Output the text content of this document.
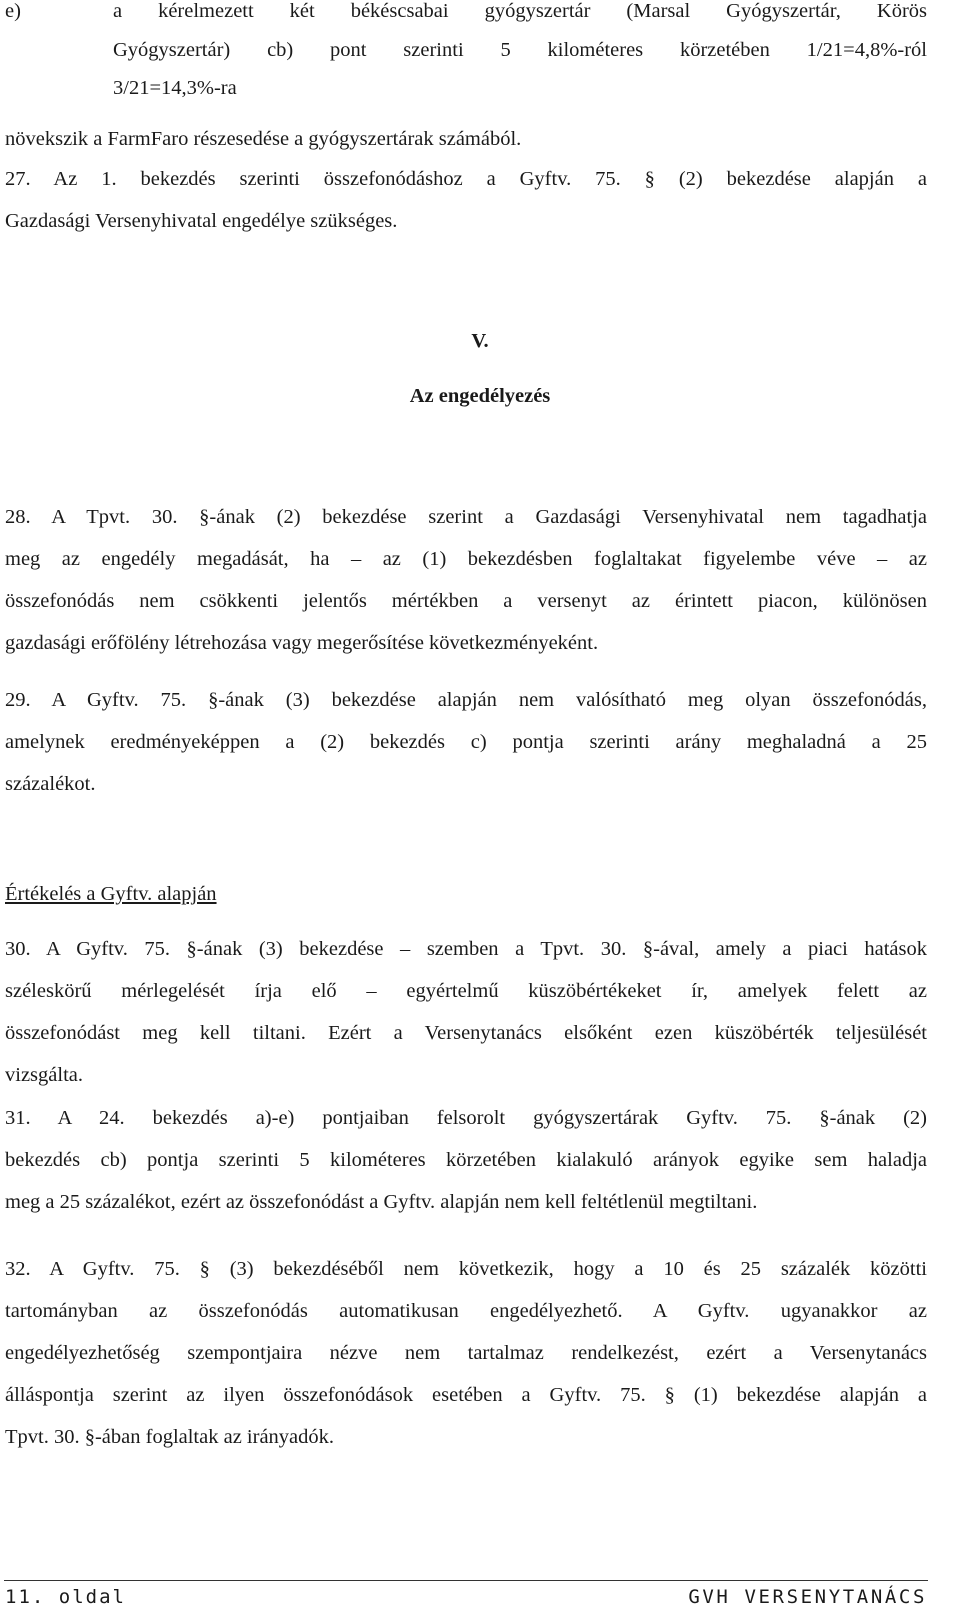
e)	a kérelmezett két békéscsabai gyógyszertár (Marsal Gyógyszertár, Körös
Gyógyszertár) cb) pont szerinti 5 kilométeres körzetében 1/21=4,8%-ról
3/21=14,3%-ra
növekszik a FarmFaro részesedése a gyógyszertárak számából.
27. Az 1. bekezdés szerinti összefonódáshoz a Gyftv. 75. § (2) bekezdése alapján a
Gazdasági Versenyhivatal engedélye szükséges.
V.
Az engedélyezés
28. A Tpvt. 30. §-ának (2) bekezdése szerint a Gazdasági Versenyhivatal nem tagadhatja
meg az engedély megadását, ha – az (1) bekezdésben foglaltakat figyelembe véve – az
összefonódás nem csökkenti jelentős mértékben a versenyt az érintett piacon, különösen
gazdasági erőfölény létrehozása vagy megerősítése következményeként.
29. A Gyftv. 75. §-ának (3) bekezdése alapján nem valósítható meg olyan összefonódás,
amelynek eredményeképpen a (2) bekezdés c) pontja szerinti arány meghaladná a 25
százalékot.
Értékelés a Gyftv. alapján
30. A Gyftv. 75. §-ának (3) bekezdése – szemben a Tpvt. 30. §-ával, amely a piaci hatások
széleskörű mérlegelését írja elő – egyértelmű küszöbértékeket ír, amelyek felett az
összefonódást meg kell tiltani. Ezért a Versenytanács elsőként ezen küszöbérték teljesülését
vizsgálta.
31. A 24. bekezdés a)-e) pontjaiban felsorolt gyógyszertárak Gyftv. 75. §-ának (2)
bekezdés cb) pontja szerinti 5 kilométeres körzetében kialakuló arányok egyike sem haladja
meg a 25 százalékot, ezért az összefonódást a Gyftv. alapján nem kell feltétlenül megtiltani.
32. A Gyftv. 75. § (3) bekezdéséből nem következik, hogy a 10 és 25 százalék közötti
tartományban az összefonódás automatikusan engedélyezhető. A Gyftv. ugyanakkor az
engedélyezhetőség szempontjaira nézve nem tartalmaz rendelkezést, ezért a Versenytanács
álláspontja szerint az ilyen összefonódások esetében a Gyftv. 75. § (1) bekezdése alapján a
Tpvt. 30. §-ában foglaltak az irányadók.
11. oldal	GVH VERSENYTANÁCS
